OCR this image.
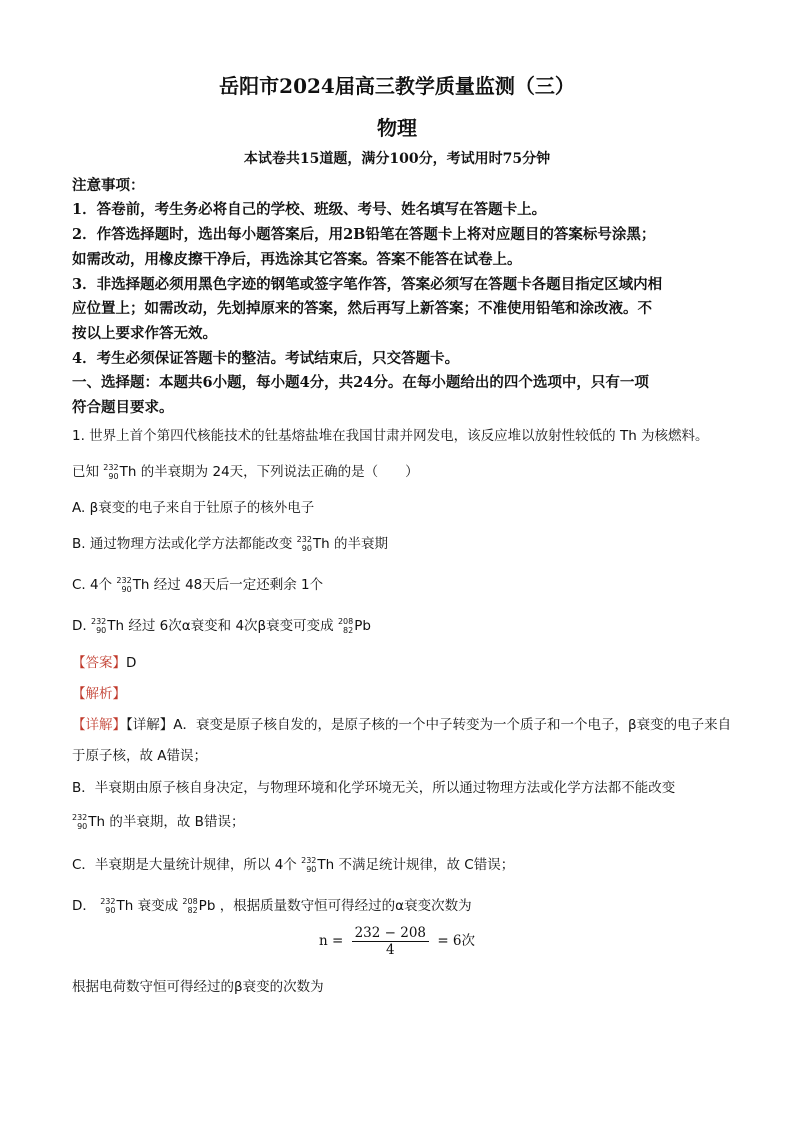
岳阳市2024届高三教学质量监测（三）
物理
本试卷共15道题，满分100分，考试用时75分钟
注意事项：
1．答卷前，考生务必将自己的学校、班级、考号、姓名填写在答题卡上。
2．作答选择题时，选出每小题答案后，用2B铅笔在答题卡上将对应题目的答案标号涂黑；
如需改动，用橡皮擦干净后，再选涂其它答案。答案不能答在试卷上。
3．非选择题必须用黑色字迹的钢笔或签字笔作答，答案必须写在答题卡各题目指定区域内相
应位置上；如需改动，先划掉原来的答案，然后再写上新答案；不准使用铅笔和涂改液。不
按以上要求作答无效。
4．考生必须保证答题卡的整洁。考试结束后，只交答题卡。
一、选择题：本题共6小题，每小题4分，共24分。在每小题给出的四个选项中，只有一项
符合题目要求。
1. 世界上首个第四代核能技术的钍基熔盐堆在我国甘肃并网发电，该反应堆以放射性较低的 Th 为核燃料。
已知 232
90 Th 的半衰期为 24天，下列说法正确的是（　　）
A. β衰变的电子来自于钍原子的核外电子
B. 通过物理方法或化学方法都能改变 232
90 Th 的半衰期
C. 4个 232
90 Th 经过 48天后一定还剩余 1个
D. 232
90 Th 经过 6次α衰变和 4次β衰变可变成 208
82 Pb
【答案】D
【解析】
【详解】【详解】A．衰变是原子核自发的，是原子核的一个中子转变为一个质子和一个电子，β衰变的电子来自
于原子核，故 A错误；
B．半衰期由原子核自身决定，与物理环境和化学环境无关，所以通过物理方法或化学方法都不能改变
232
90 Th 的半衰期，故 B错误；
C．半衰期是大量统计规律，所以 4个 232
90 Th 不满足统计规律，故 C错误；
D． 232
90 Th 衰变成 208
82 Pb ，根据质量数守恒可得经过的α衰变次数为
$n = \frac{232 - 208}{4} = 6$次
根据电荷数守恒可得经过的β衰变的次数为
